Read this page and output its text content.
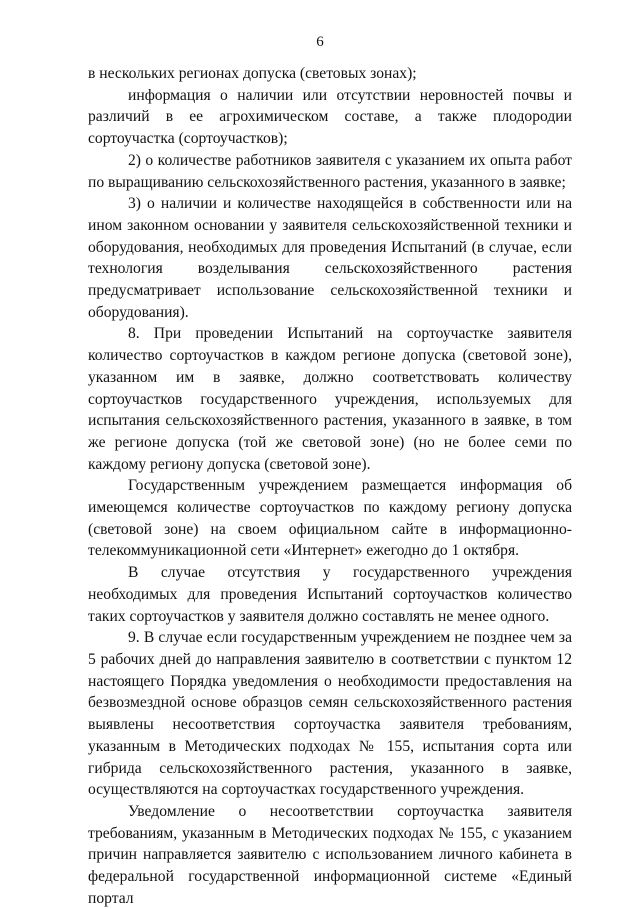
6

в нескольких регионах допуска (световых зонах);

информация о наличии или отсутствии неровностей почвы и различий в ее агрохимическом составе, а также плодородии сортоучастка (сортоучастков);

2) о количестве работников заявителя с указанием их опыта работ по выращиванию сельскохозяйственного растения, указанного в заявке;

3) о наличии и количестве находящейся в собственности или на ином законном основании у заявителя сельскохозяйственной техники и оборудования, необходимых для проведения Испытаний (в случае, если технология возделывания сельскохозяйственного растения предусматривает использование сельскохозяйственной техники и оборудования).

8. При проведении Испытаний на сортоучастке заявителя количество сортоучастков в каждом регионе допуска (световой зоне), указанном им в заявке, должно соответствовать количеству сортоучастков государственного учреждения, используемых для испытания сельскохозяйственного растения, указанного в заявке, в том же регионе допуска (той же световой зоне) (но не более семи по каждому региону допуска (световой зоне).

Государственным учреждением размещается информация об имеющемся количестве сортоучастков по каждому региону допуска (световой зоне) на своем официальном сайте в информационно-телекоммуникационной сети «Интернет» ежегодно до 1 октября.

В случае отсутствия у государственного учреждения необходимых для проведения Испытаний сортоучастков количество таких сортоучастков у заявителя должно составлять не менее одного.

9. В случае если государственным учреждением не позднее чем за 5 рабочих дней до направления заявителю в соответствии с пунктом 12 настоящего Порядка уведомления о необходимости предоставления на безвозмездной основе образцов семян сельскохозяйственного растения выявлены несоответствия сортоучастка заявителя требованиям, указанным в Методических подходах № 155, испытания сорта или гибрида сельскохозяйственного растения, указанного в заявке, осуществляются на сортоучастках государственного учреждения.

Уведомление о несоответствии сортоучастка заявителя требованиям, указанным в Методических подходах № 155, с указанием причин направляется заявителю с использованием личного кабинета в федеральной государственной информационной системе «Единый портал
